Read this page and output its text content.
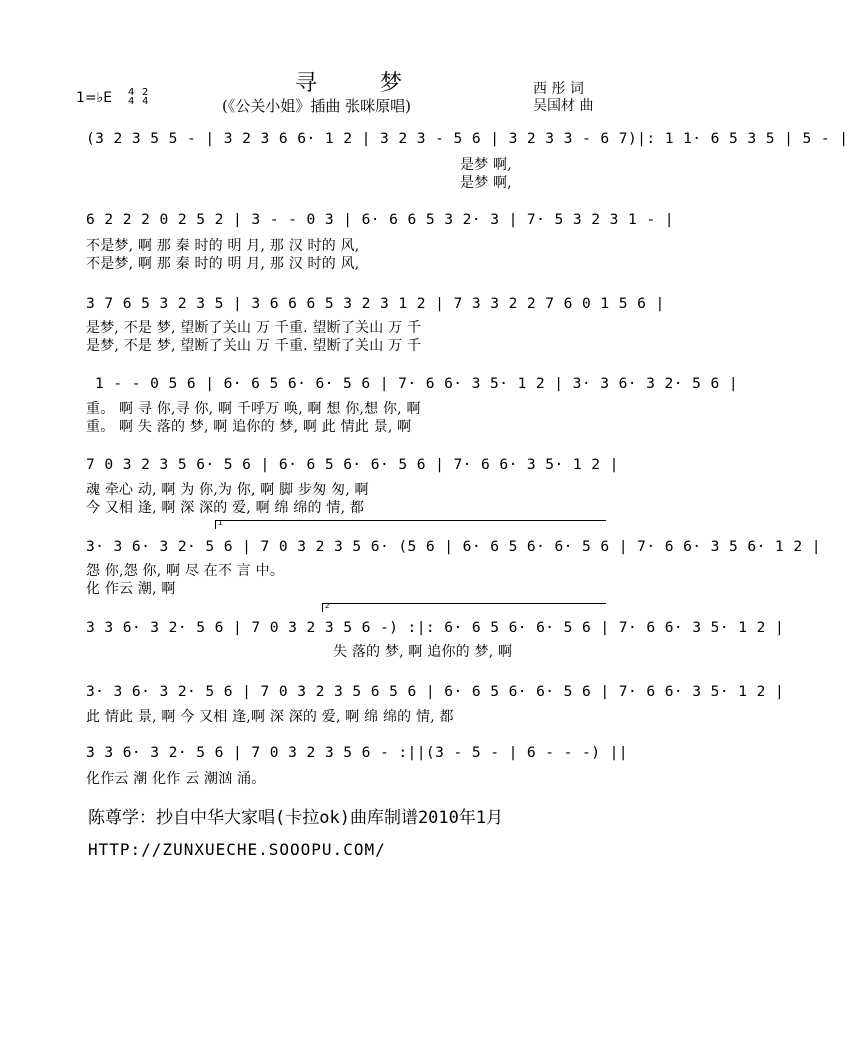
寻 梦
(《公关小姐》插曲 张咪原唱)
西 彤 词
吴国材 曲
1=♭E 4
4
2
4
(3 2 3 5 5 - | 3 2 3 6 6· 1 2 | 3 2 3 - 5 6 | 3 2 3 3 - 6 7)|: 1 1· 6 5 3 5 | 5 - |
是梦 啊,
是梦 啊,
6 2 2 2 0 2 5 2 | 3 - - 0 3 | 6· 6 6 5 3 2· 3 | 7· 5 3 2 3 1 - |
不是梦, 啊 那 秦 时的 明 月, 那 汉 时的 风,
不是梦, 啊 那 秦 时的 明 月, 那 汉 时的 风,
3 7 6 5 3 2 3 5 | 3 6 6 6 5 3 2 3 1 2 | 7 3 3 2 2 7 6 0 1 5 6 |
是梦, 不是 梦, 望断了关山 万 千重. 望断了关山 万 千
是梦, 不是 梦, 望断了关山 万 千重. 望断了关山 万 千
1 - - 0 5 6 | 6· 6 5 6· 6· 5 6 | 7· 6 6· 3 5· 1 2 | 3· 3 6· 3 2· 5 6 |
重。 啊 寻 你,寻 你, 啊 千呼万 唤, 啊 想 你,想 你, 啊
重。 啊 失 落的 梦, 啊 追你的 梦, 啊 此 情此 景, 啊
7 0 3 2 3 5 6· 5 6 | 6· 6 5 6· 6· 5 6 | 7· 6 6· 3 5· 1 2 |
魂 牵心 动, 啊 为 你,为 你, 啊 脚 步匆 匆, 啊
今 又相 逢, 啊 深 深的 爱, 啊 绵 绵的 情, 都
1
3· 3 6· 3 2· 5 6 | 7 0 3 2 3 5 6· (5 6 | 6· 6 5 6· 6· 5 6 | 7· 6 6· 3 5 6· 1 2 |
怨 你,怨 你, 啊 尽 在不 言 中。
化 作云 潮, 啊
2
3 3 6· 3 2· 5 6 | 7 0 3 2 3 5 6 -) :|: 6· 6 5 6· 6· 5 6 | 7· 6 6· 3 5· 1 2 |
失 落的 梦, 啊 追你的 梦, 啊
3· 3 6· 3 2· 5 6 | 7 0 3 2 3 5 6 5 6 | 6· 6 5 6· 6· 5 6 | 7· 6 6· 3 5· 1 2 |
此 情此 景, 啊 今 又相 逢,啊 深 深的 爱, 啊 绵 绵的 情, 都
3 3 6· 3 2· 5 6 | 7 0 3 2 3 5 6 - :||(3 - 5 - | 6 - - -) ||
化作云 潮 化作 云 潮汹 涌。
陈尊学：抄自中华大家唱(卡拉ok)曲库制谱2010年1月
HTTP://ZUNXUECHE.SOOOPU.COM/
